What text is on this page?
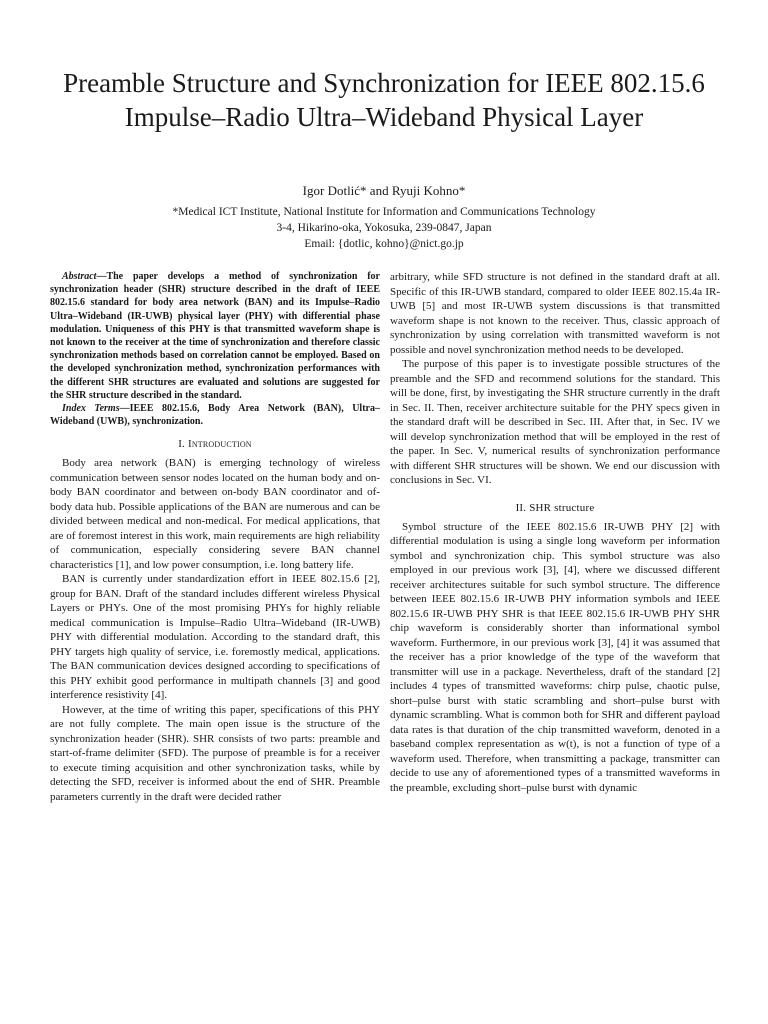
Preamble Structure and Synchronization for IEEE 802.15.6 Impulse–Radio Ultra–Wideband Physical Layer
Igor Dotlić* and Ryuji Kohno*
*Medical ICT Institute, National Institute for Information and Communications Technology
3-4, Hikarino-oka, Yokosuka, 239-0847, Japan
Email: {dotlic, kohno}@nict.go.jp

Abstract—The paper develops a method of synchronization for synchronization header (SHR) structure described in the draft of IEEE 802.15.6 standard for body area network (BAN) and its Impulse–Radio Ultra–Wideband (IR-UWB) physical layer (PHY) with differential phase modulation. Uniqueness of this PHY is that transmitted waveform shape is not known to the receiver at the time of synchronization and therefore classic synchronization methods based on correlation cannot be employed. Based on the developed synchronization method, synchronization performances with the different SHR structures are evaluated and solutions are suggested for the SHR structure described in the standard.

Index Terms—IEEE 802.15.6, Body Area Network (BAN), Ultra–Wideband (UWB), synchronization.

I. Introduction

Body area network (BAN) is emerging technology of wireless communication between sensor nodes located on the human body and on-body BAN coordinator and between on-body BAN coordinator and of-body data hub. Possible applications of the BAN are numerous and can be divided between medical and non-medical. For medical applications, that are of foremost interest in this work, main requirements are high reliability of communication, especially considering severe BAN channel characteristics [1], and low power consumption, i.e. long battery life.

BAN is currently under standardization effort in IEEE 802.15.6 [2], group for BAN. Draft of the standard includes different wireless Physical Layers or PHYs. One of the most promising PHYs for highly reliable medical communication is Impulse–Radio Ultra–Wideband (IR-UWB) PHY with differential modulation. According to the standard draft, this PHY targets high quality of service, i.e. foremostly medical, applications. The BAN communication devices designed according to specifications of this PHY exhibit good performance in multipath channels [3] and good interference resistivity [4].

However, at the time of writing this paper, specifications of this PHY are not fully complete. The main open issue is the structure of the synchronization header (SHR). SHR consists of two parts: preamble and start-of-frame delimiter (SFD). The purpose of preamble is for a receiver to execute timing acquisition and other synchronization tasks, while by detecting the SFD, receiver is informed about the end of SHR. Preamble parameters currently in the draft were decided rather

arbitrary, while SFD structure is not defined in the standard draft at all. Specific of this IR-UWB standard, compared to older IEEE 802.15.4a IR-UWB [5] and most IR-UWB system discussions is that transmitted waveform shape is not known to the receiver. Thus, classic approach of synchronization by using correlation with transmitted waveform is not possible and novel synchronization method needs to be developed.

The purpose of this paper is to investigate possible structures of the preamble and the SFD and recommend solutions for the standard. This will be done, first, by investigating the SHR structure currently in the draft in Sec. II. Then, receiver architecture suitable for the PHY specs given in the standard draft will be described in Sec. III. After that, in Sec. IV we will develop synchronization method that will be employed in the rest of the paper. In Sec. V, numerical results of synchronization performance with different SHR structures will be shown. We end our discussion with conclusions in Sec. VI.

II. SHR structure

Symbol structure of the IEEE 802.15.6 IR-UWB PHY [2] with differential modulation is using a single long waveform per information symbol and synchronization chip. This symbol structure was also employed in our previous work [3], [4], where we discussed different receiver architectures suitable for such symbol structure. The difference between IEEE 802.15.6 IR-UWB PHY information symbols and IEEE 802.15.6 IR-UWB PHY SHR is that IEEE 802.15.6 IR-UWB PHY SHR chip waveform is considerably shorter than informational symbol waveform. Furthermore, in our previous work [3], [4] it was assumed that the receiver has a prior knowledge of the type of the waveform that transmitter will use in a package. Nevertheless, draft of the standard [2] includes 4 types of transmitted waveforms: chirp pulse, chaotic pulse, short–pulse burst with static scrambling and short–pulse burst with dynamic scrambling. What is common both for SHR and different payload data rates is that duration of the chip transmitted waveform, denoted in a baseband complex representation as w(t), is not a function of type of a waveform used. Therefore, when transmitting a package, transmitter can decide to use any of aforementioned types of a transmitted waveforms in the preamble, excluding short–pulse burst with dynamic
